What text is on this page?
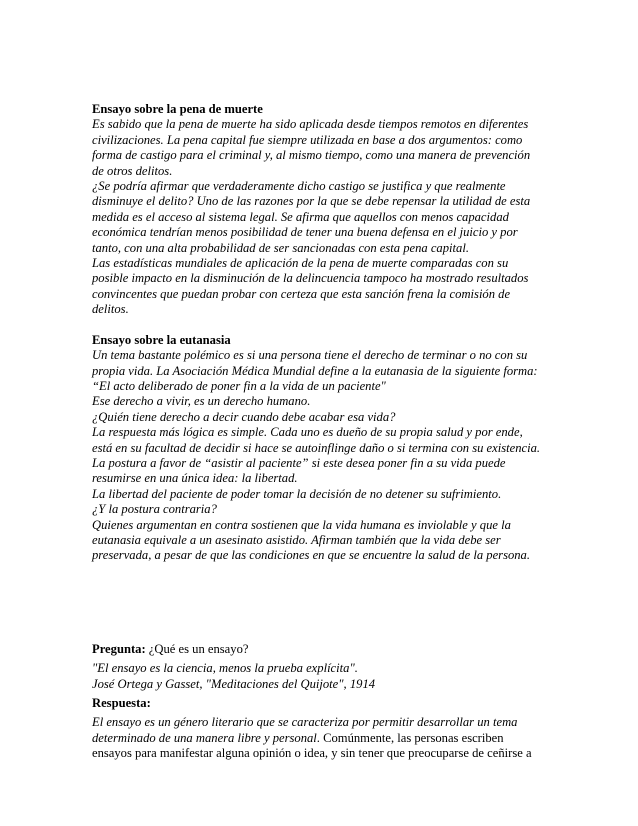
Ensayo sobre la pena de muerte
Es sabido que la pena de muerte ha sido aplicada desde tiempos remotos en diferentes
civilizaciones. La pena capital fue siempre utilizada en base a dos argumentos: como
forma de castigo para el criminal y, al mismo tiempo, como una manera de prevención
de otros delitos.
¿Se podría afirmar que verdaderamente dicho castigo se justifica y que realmente
disminuye el delito? Uno de las razones por la que se debe repensar la utilidad de esta
medida es el acceso al sistema legal. Se afirma que aquellos con menos capacidad
económica tendrían menos posibilidad de tener una buena defensa en el juicio y por
tanto, con una alta probabilidad de ser sancionadas con esta pena capital.
Las estadísticas mundiales de aplicación de la pena de muerte comparadas con su
posible impacto en la disminución de la delincuencia tampoco ha mostrado resultados
convincentes que puedan probar con certeza que esta sanción frena la comisión de
delitos.
Ensayo sobre la eutanasia
Un tema bastante polémico es si una persona tiene el derecho de terminar o no con su
propia vida. La Asociación Médica Mundial define a la eutanasia de la siguiente forma:
“El acto deliberado de poner fin a la vida de un paciente"
Ese derecho a vivir, es un derecho humano.
¿Quién tiene derecho a decir cuando debe acabar esa vida?
La respuesta más lógica es simple. Cada uno es dueño de su propia salud y por ende,
está en su facultad de decidir si hace se autoinflinge daño o si termina con su existencia.
La postura a favor de “asistir al paciente” si este desea poner fin a su vida puede
resumirse en una única idea: la libertad.
La libertad del paciente de poder tomar la decisión de no detener su sufrimiento.
¿Y la postura contraria?
Quienes argumentan en contra sostienen que la vida humana es inviolable y que la
eutanasia equivale a un asesinato asistido. Afirman también que la vida debe ser
preservada, a pesar de que las condiciones en que se encuentre la salud de la persona.
Pregunta: ¿Qué es un ensayo?
"El ensayo es la ciencia, menos la prueba explícita".
José Ortega y Gasset, "Meditaciones del Quijote", 1914
Respuesta:
El ensayo es un género literario que se caracteriza por permitir desarrollar un tema
determinado de una manera libre y personal. Comúnmente, las personas escriben
ensayos para manifestar alguna opinión o idea, y sin tener que preocuparse de ceñirse a
